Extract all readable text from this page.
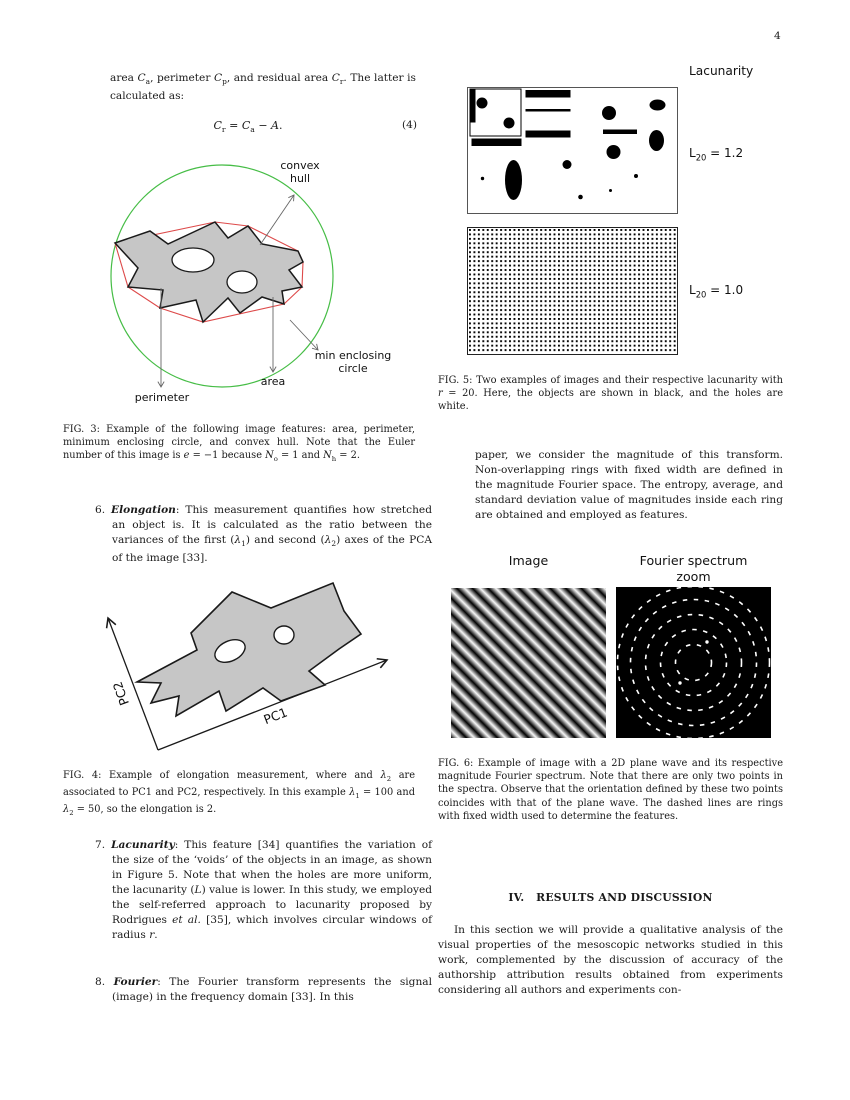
4
area $C_a$, perimeter $C_p$, and residual area $C_r$. The latter is calculated as:
$C_r = C_a - A$.	(4)
convex
hull
min enclosing
circle
area
perimeter
FIG. 3: Example of the following image features: area, perimeter, minimum enclosing circle, and convex hull. Note that the Euler number of this image is e = −1 because $N_o = 1$ and $N_h = 2$.
6. Elongation: This measurement quantifies how stretched an object is. It is calculated as the ratio between the variances of the first $(\lambda_1)$ and second $(\lambda_2)$ axes of the PCA of the image [33].
PC2
PC1
FIG. 4: Example of elongation measurement, where and $\lambda_2$ are associated to PC1 and PC2, respectively. In this example $\lambda_1 = 100$ and $\lambda_2 = 50$, so the elongation is 2.
7. Lacunarity: This feature [34] quantifies the variation of the size of the ‘voids’ of the objects in an image, as shown in Figure 5. Note that when the holes are more uniform, the lacunarity (L) value is lower. In this study, we employed the self-referred approach to lacunarity proposed by Rodrigues et al. [35], which involves circular windows of radius r.
8. Fourier: The Fourier transform represents the signal (image) in the frequency domain [33]. In this
Lacunarity
$L_{20} = 1.2$
$L_{20} = 1.0$
FIG. 5: Two examples of images and their respective lacunarity with r = 20. Here, the objects are shown in black, and the holes are white.
paper, we consider the magnitude of this transform. Non-overlapping rings with fixed width are defined in the magnitude Fourier space. The entropy, average, and standard deviation value of magnitudes inside each ring are obtained and employed as features.
Image	Fourier spectrum
zoom
FIG. 6: Example of image with a 2D plane wave and its respective magnitude Fourier spectrum. Note that there are only two points in the spectra. Observe that the orientation defined by these two points coincides with that of the plane wave. The dashed lines are rings with fixed width used to determine the features.
IV.   RESULTS AND DISCUSSION
In this section we will provide a qualitative analysis of the visual properties of the mesoscopic networks studied in this work, complemented by the discussion of accuracy of the authorship attribution results obtained from experiments considering all authors and experiments con-
